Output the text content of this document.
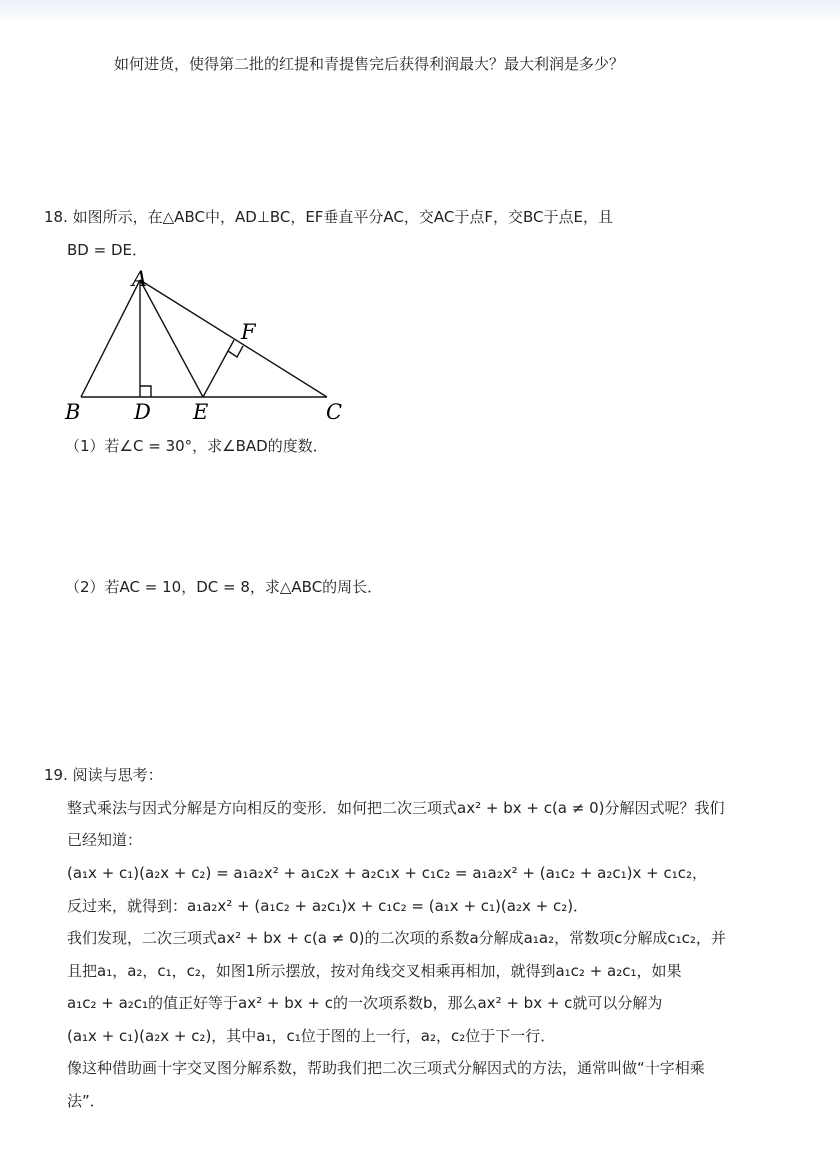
如何进货，使得第二批的红提和青提售完后获得利润最大？最大利润是多少？
18. 如图所示，在△ABC中，AD⊥BC，EF垂直平分AC，交AC于点F，交BC于点E，且
BD = DE．
A
F
B	D E	C
（1）若∠C = 30°，求∠BAD的度数．
（2）若AC = 10，DC = 8，求△ABC的周长．
19. 阅读与思考：
整式乘法与因式分解是方向相反的变形．如何把二次三项式ax² + bx + c(a ≠ 0)分解因式呢？我们
已经知道：
(a₁x + c₁)(a₂x + c₂) = a₁a₂x² + a₁c₂x + a₂c₁x + c₁c₂ = a₁a₂x² + (a₁c₂ + a₂c₁)x + c₁c₂，
反过来，就得到：a₁a₂x² + (a₁c₂ + a₂c₁)x + c₁c₂ = (a₁x + c₁)(a₂x + c₂)．
我们发现，二次三项式ax² + bx + c(a ≠ 0)的二次项的系数a分解成a₁a₂，常数项c分解成c₁c₂，并
且把a₁，a₂，c₁，c₂，如图1所示摆放，按对角线交叉相乘再相加，就得到a₁c₂ + a₂c₁，如果
a₁c₂ + a₂c₁的值正好等于ax² + bx + c的一次项系数b，那么ax² + bx + c就可以分解为
(a₁x + c₁)(a₂x + c₂)，其中a₁，c₁位于图的上一行，a₂，c₂位于下一行．
像这种借助画十字交叉图分解系数，帮助我们把二次三项式分解因式的方法，通常叫做“十字相乘
法”．
